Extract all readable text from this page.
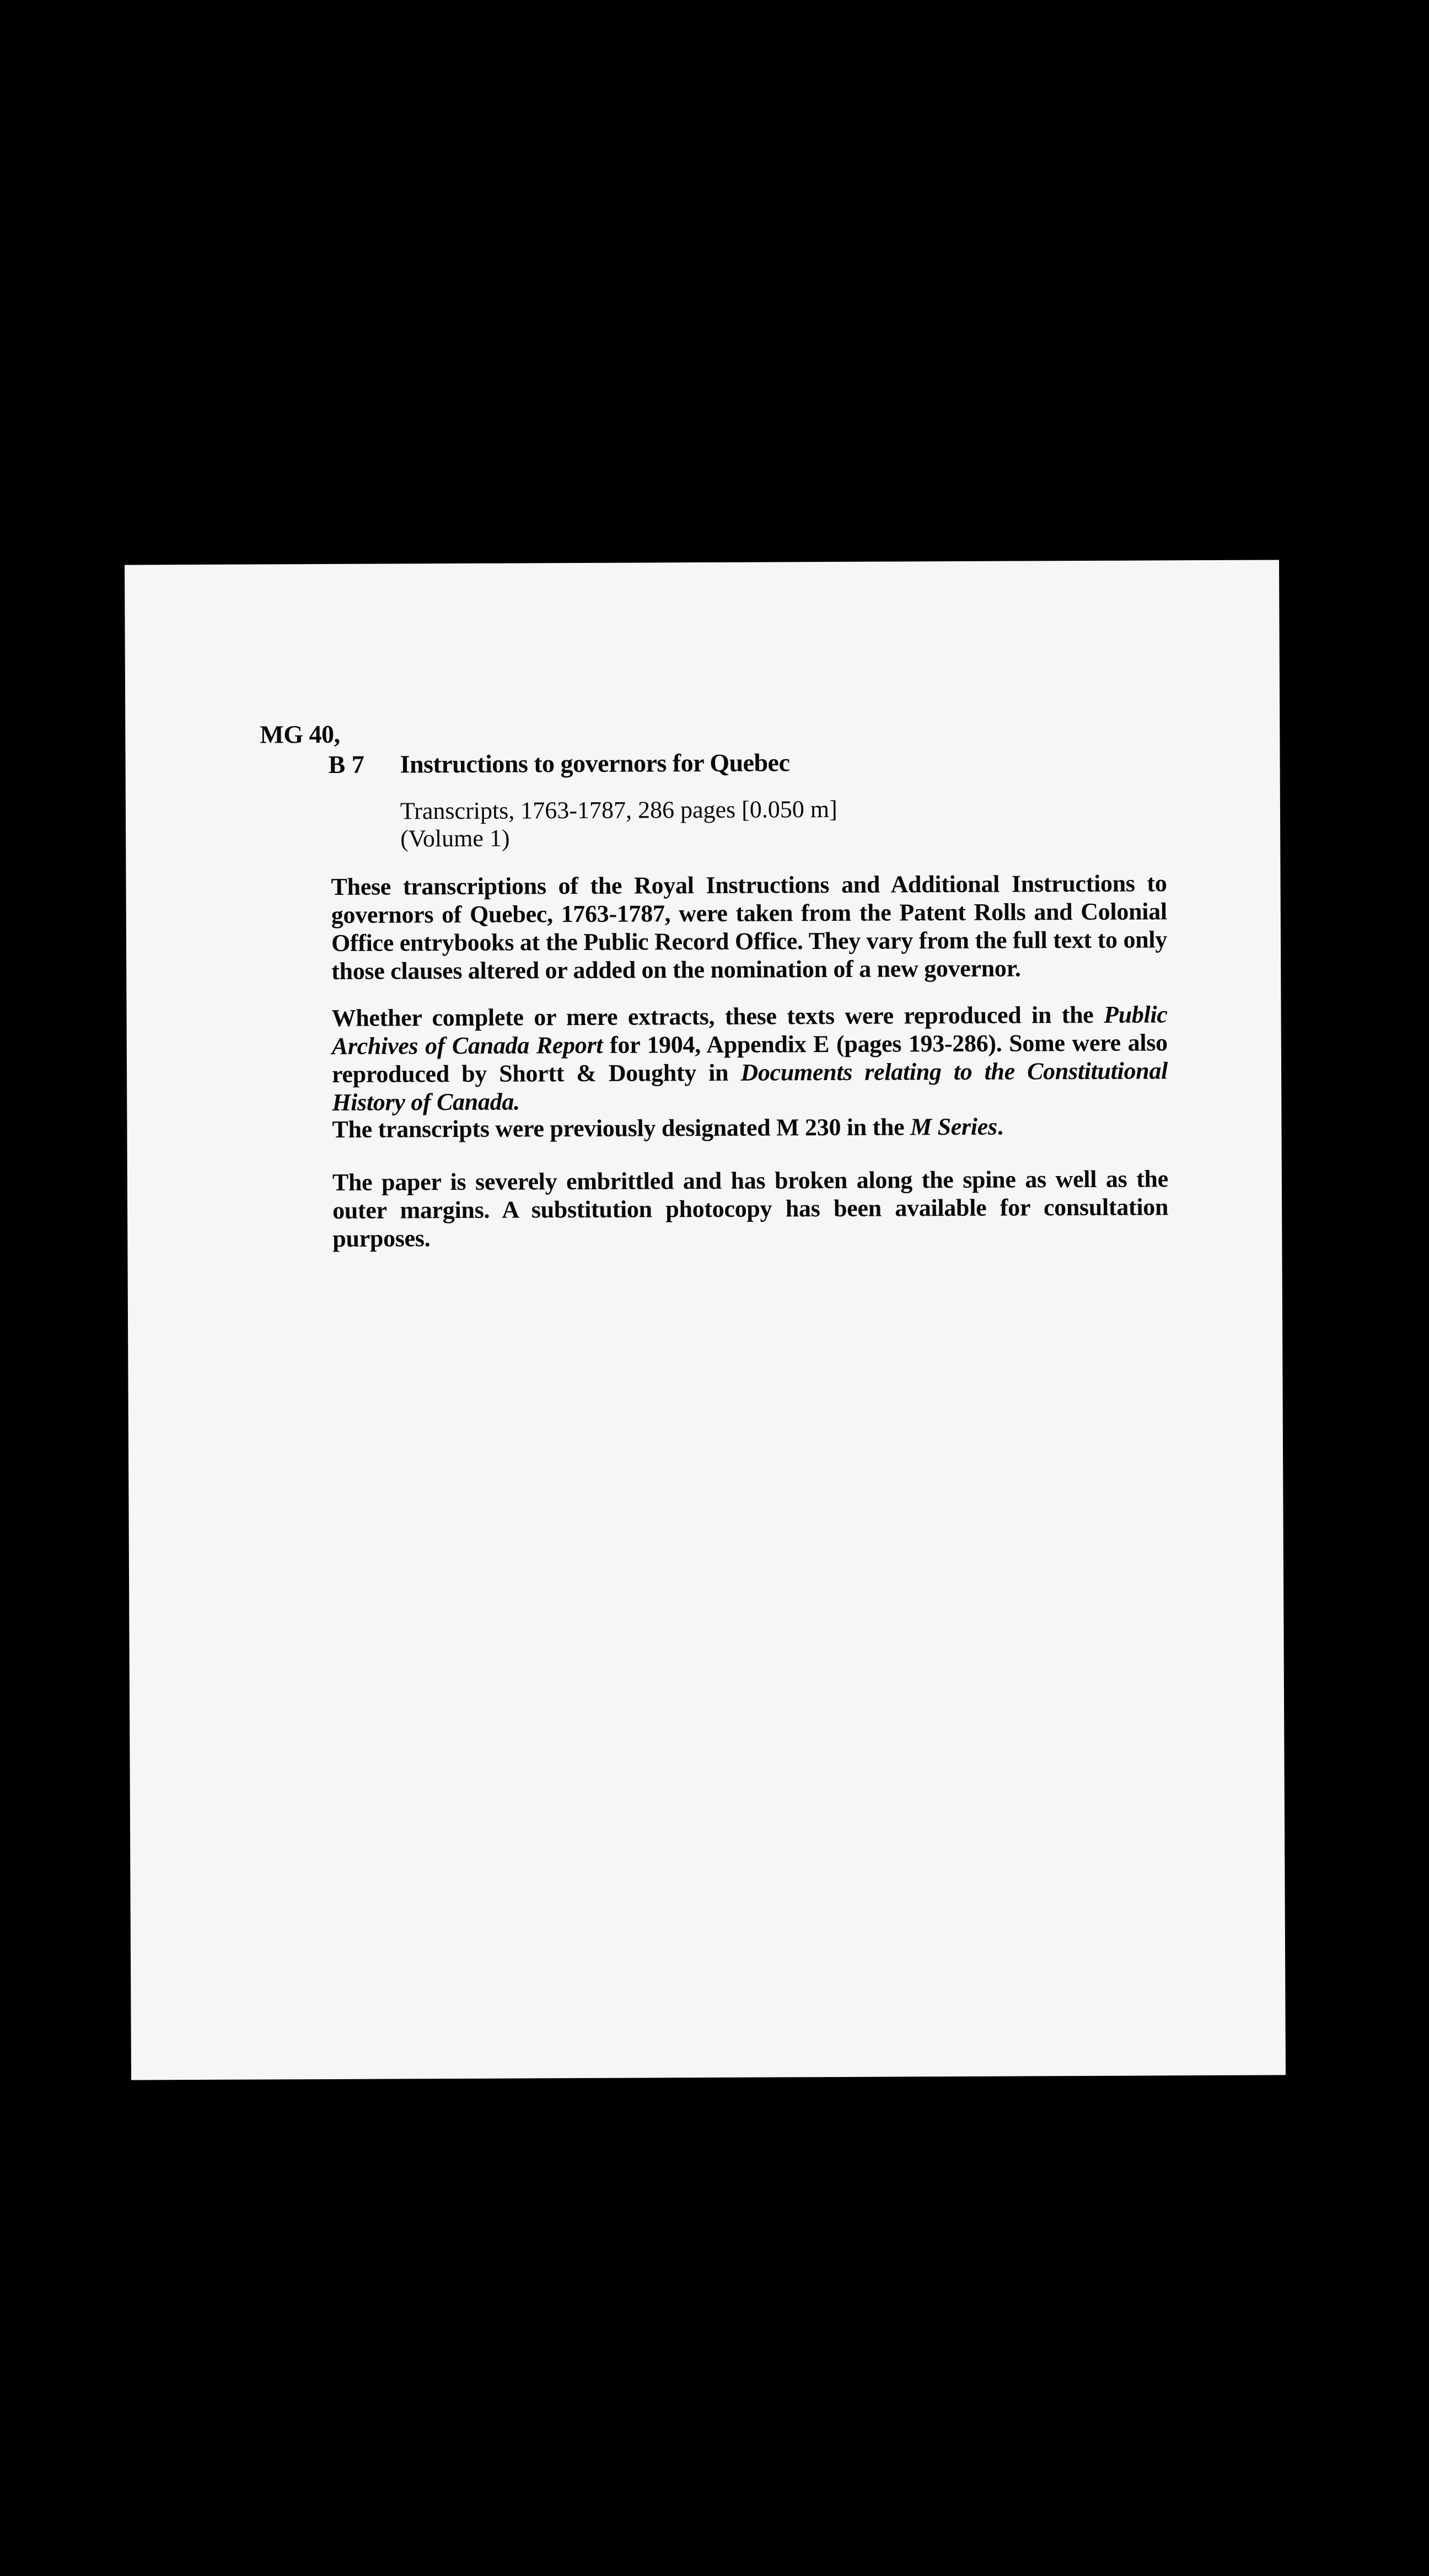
MG 40,
B 7 Instructions to governors for Quebec
Transcripts, 1763-1787, 286 pages [0.050 m]
(Volume 1)
These transcriptions of the Royal Instructions and Additional Instructions to governors of Quebec, 1763-1787, were taken from the Patent Rolls and Colonial Office entrybooks at the Public Record Office. They vary from the full text to only those clauses altered or added on the nomination of a new governor.
Whether complete or mere extracts, these texts were reproduced in the Public Archives of Canada Report for 1904, Appendix E (pages 193-286). Some were also reproduced by Shortt & Doughty in Documents relating to the Constitutional History of Canada.
The transcripts were previously designated M 230 in the M Series.
The paper is severely embrittled and has broken along the spine as well as the outer margins. A substitution photocopy has been available for consultation purposes.
